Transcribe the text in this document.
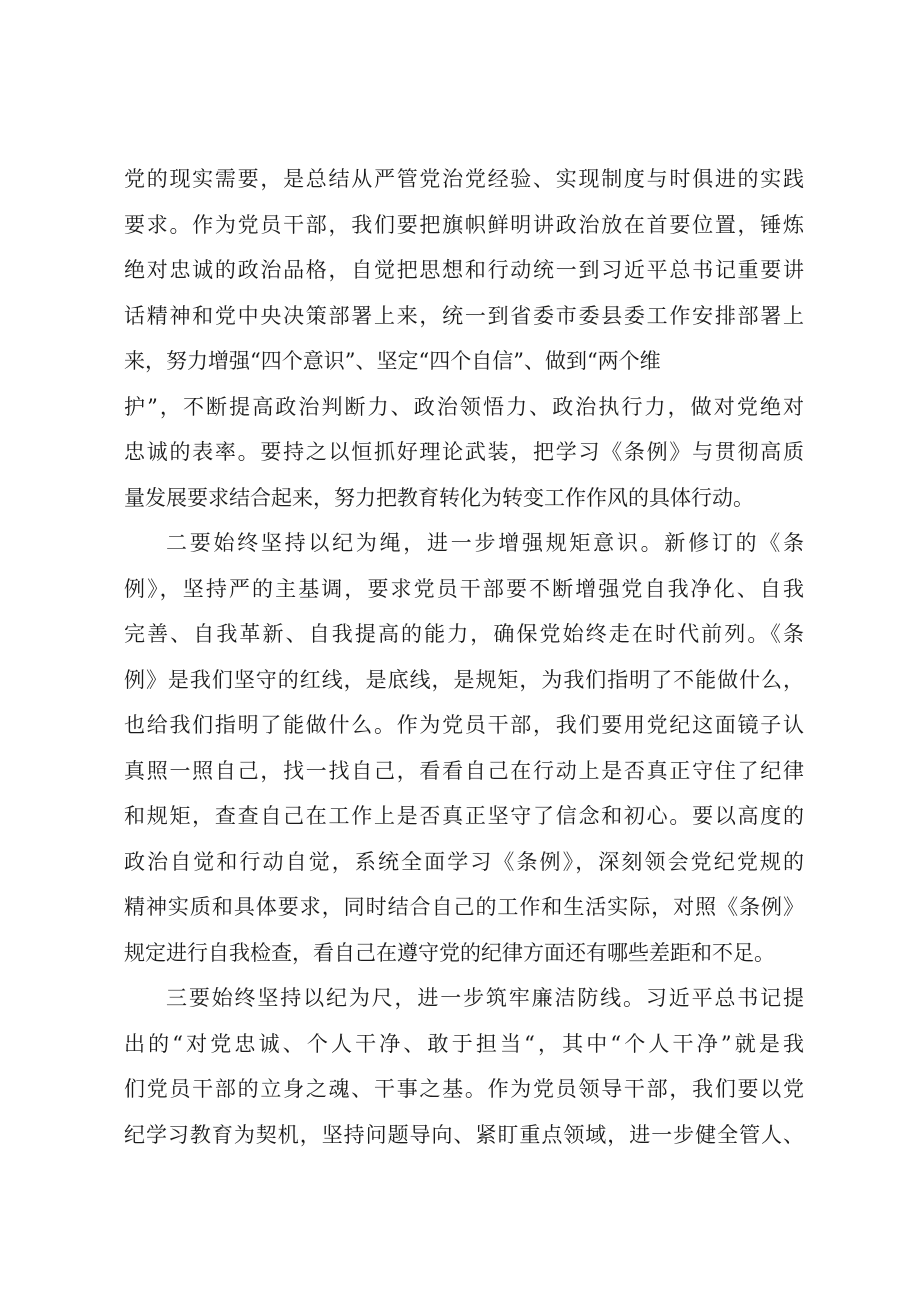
党的现实需要，是总结从严管党治党经验、实现制度与时俱进的实践
要求。作为党员干部，我们要把旗帜鲜明讲政治放在首要位置，锤炼
绝对忠诚的政治品格，自觉把思想和行动统一到习近平总书记重要讲
话精神和党中央决策部署上来，统一到省委市委县委工作安排部署上
来，努力增强“四个意识”、坚定“四个自信”、做到“两个维
护”，不断提高政治判断力、政治领悟力、政治执行力，做对党绝对
忠诚的表率。要持之以恒抓好理论武装，把学习《条例》与贯彻高质
量发展要求结合起来，努力把教育转化为转变工作作风的具体行动。
二要始终坚持以纪为绳，进一步增强规矩意识。新修订的《条
例》，坚持严的主基调，要求党员干部要不断增强党自我净化、自我
完善、自我革新、自我提高的能力，确保党始终走在时代前列。《条
例》是我们坚守的红线，是底线，是规矩，为我们指明了不能做什么，
也给我们指明了能做什么。作为党员干部，我们要用党纪这面镜子认
真照一照自己，找一找自己，看看自己在行动上是否真正守住了纪律
和规矩，查查自己在工作上是否真正坚守了信念和初心。要以高度的
政治自觉和行动自觉，系统全面学习《条例》，深刻领会党纪党规的
精神实质和具体要求，同时结合自己的工作和生活实际，对照《条例》
规定进行自我检查，看自己在遵守党的纪律方面还有哪些差距和不足。
三要始终坚持以纪为尺，进一步筑牢廉洁防线。习近平总书记提
出的“对党忠诚、个人干净、敢于担当“，其中“个人干净”就是我
们党员干部的立身之魂、干事之基。作为党员领导干部，我们要以党
纪学习教育为契机，坚持问题导向、紧盯重点领域，进一步健全管人、
